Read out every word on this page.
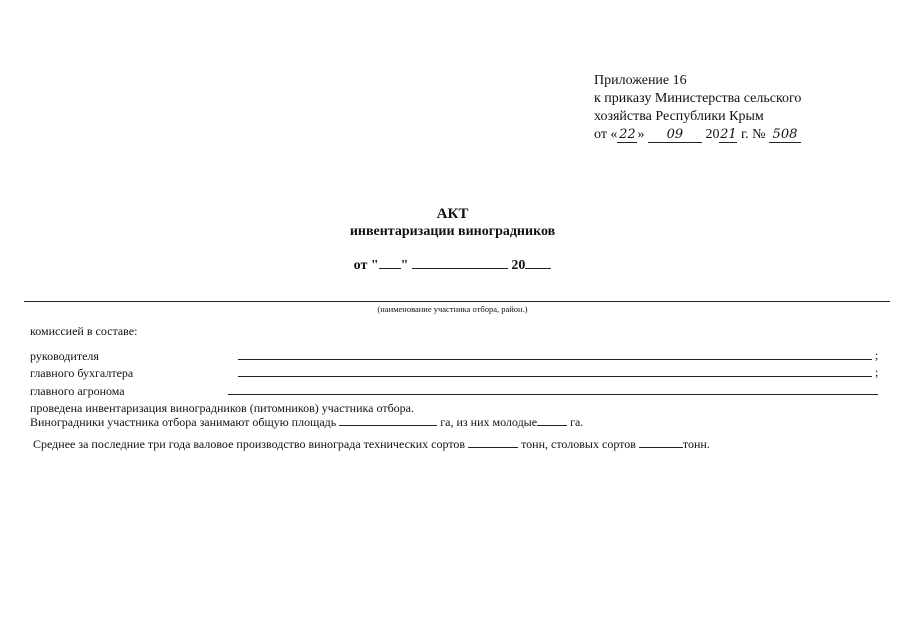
Приложение 16
к приказу Министерства сельского
хозяйства Республики Крым
от « 22 » 09 2021 г. № 508
АКТ
инвентаризации виноградников
от " "	20
(наименование участника отбора, район.)
комиссией в составе:
руководителя	;
главного бухгалтера	;
главного агронома
проведена инвентаризация виноградников (питомников) участника отбора.
Виноградники участника отбора занимают общую площадь	га, из них молодые	га.
Среднее за последние три года валовое производство винограда технических сортов	тонн, столовых сортов	тонн.
